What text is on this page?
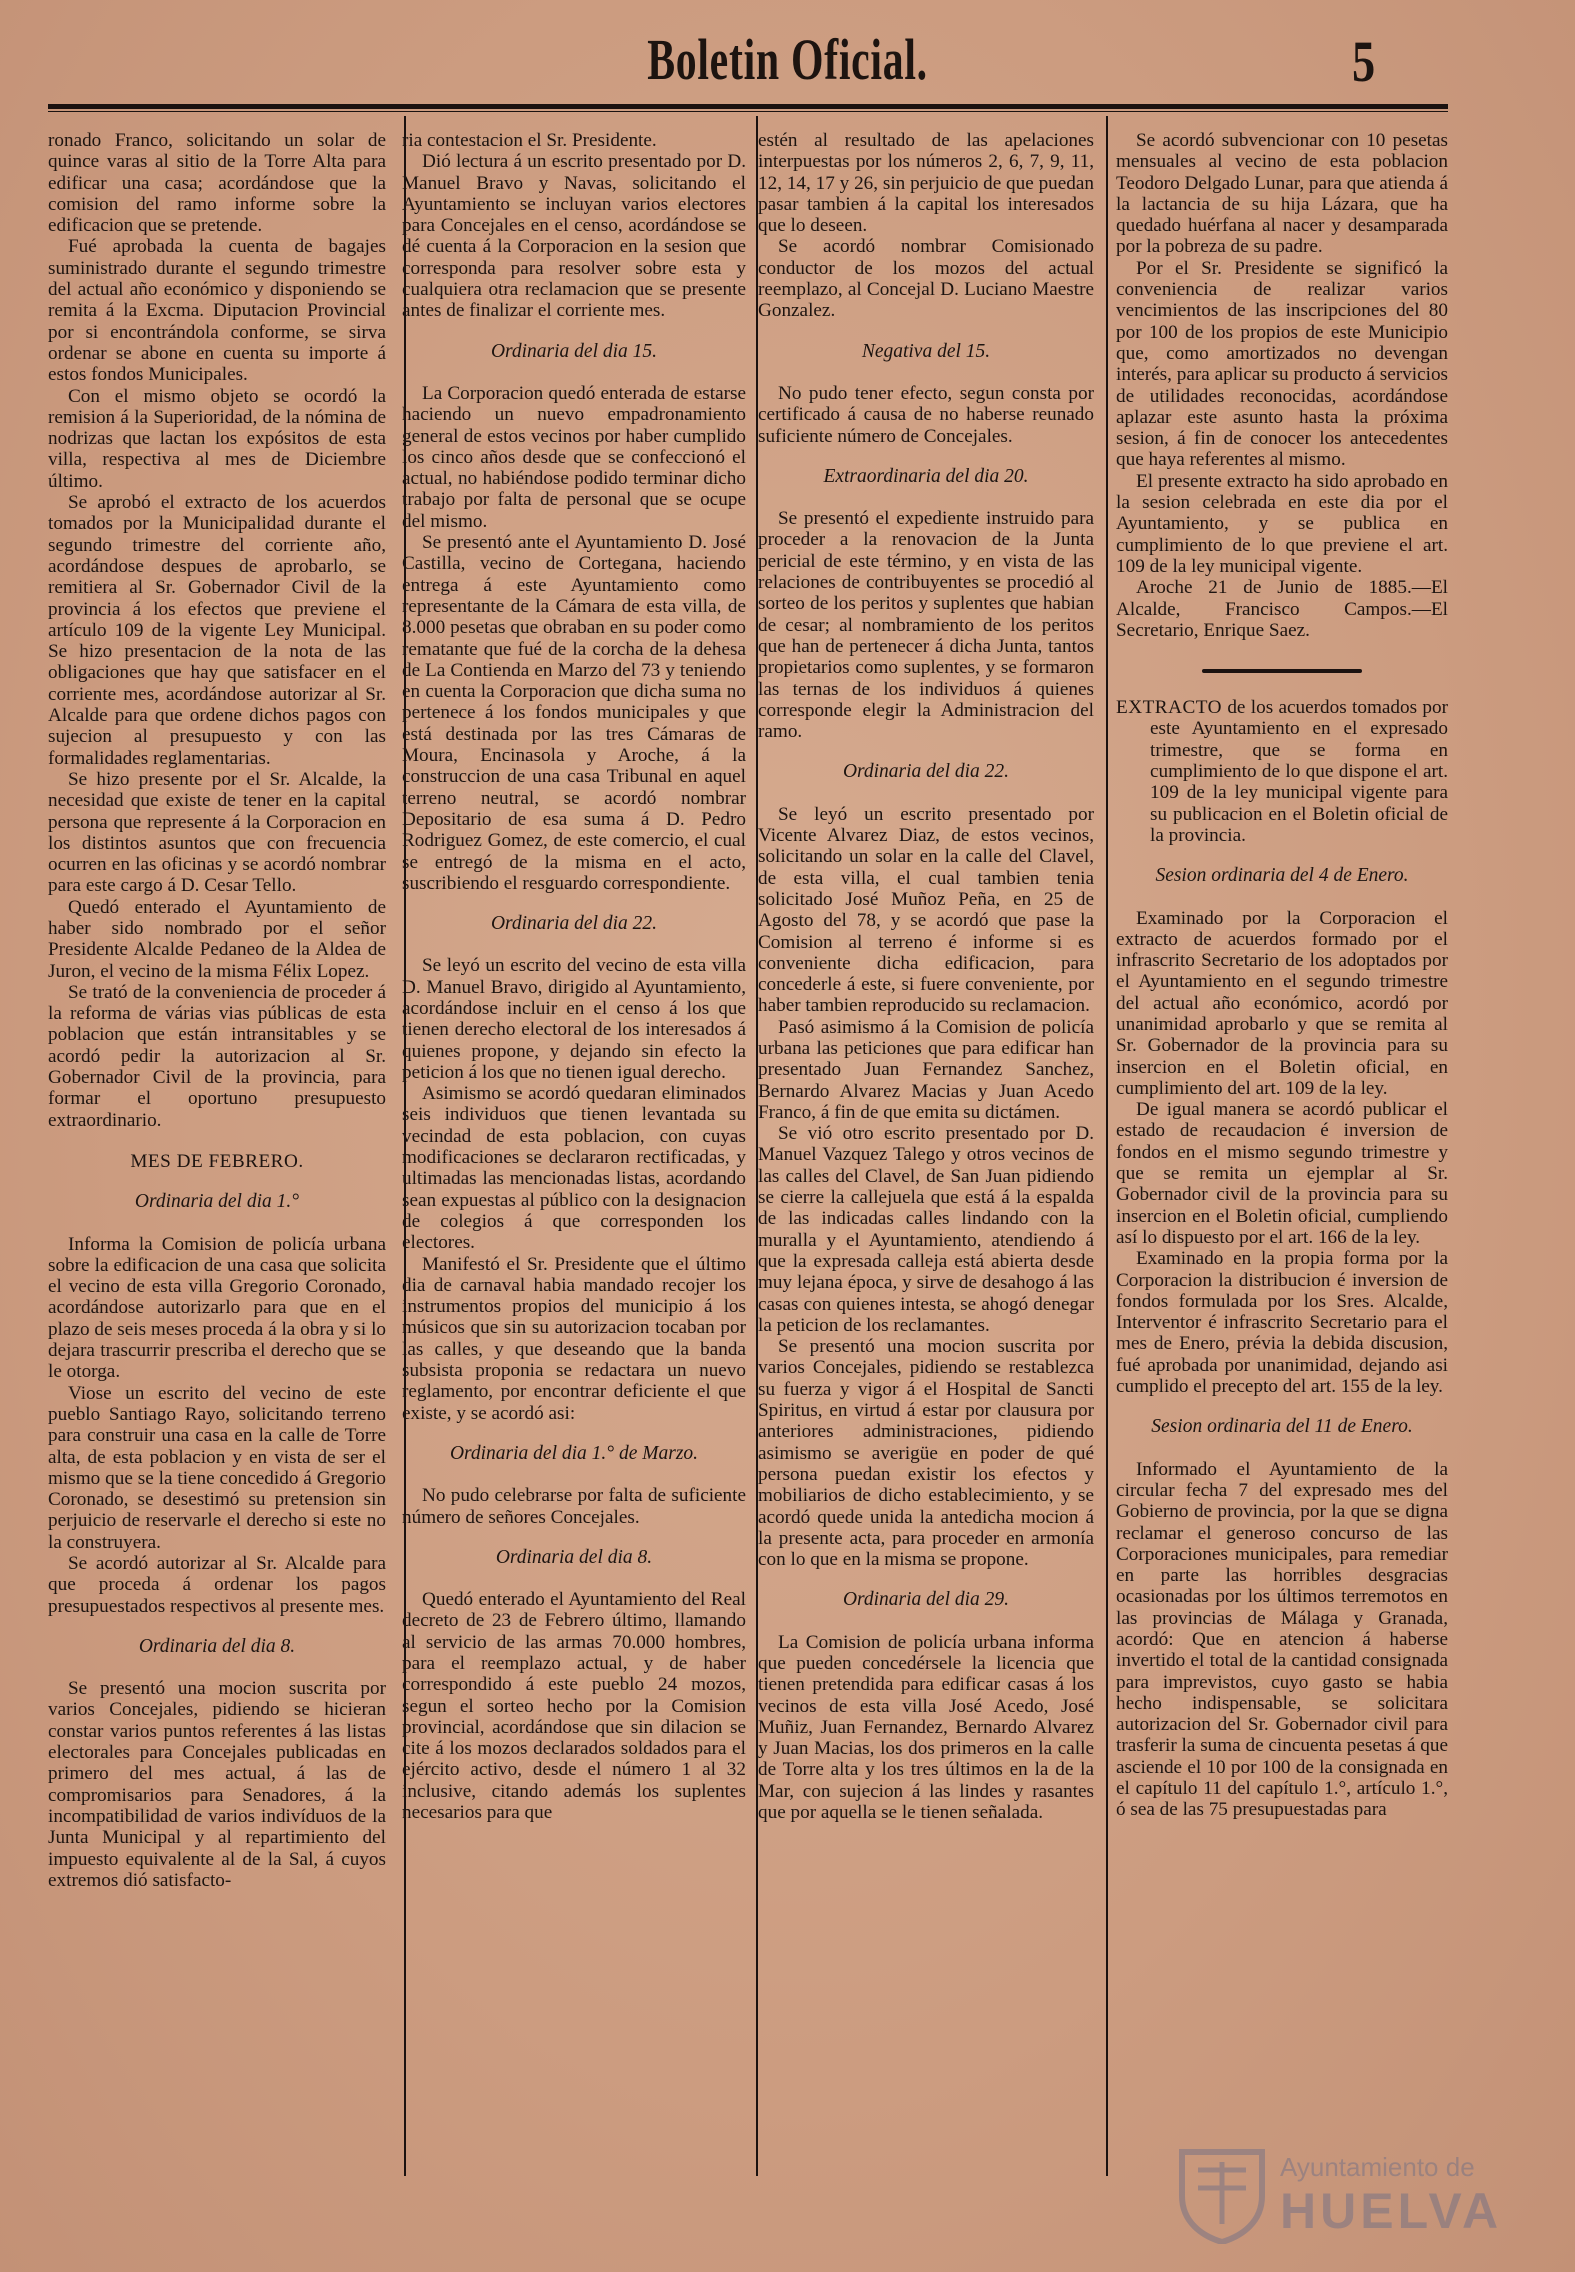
Boletin Oficial.	5

ronado Franco, solicitando un solar de quince varas al sitio de la Torre Alta para edificar una casa; acordándose que la comision del ramo informe sobre la edificacion que se pretende.

Fué aprobada la cuenta de bagajes suministrado durante el segundo trimestre del actual año económico y disponiendo se remita á la Excma. Diputacion Provincial por si encontrándola conforme, se sirva ordenar se abone en cuenta su importe á estos fondos Municipales.

Con el mismo objeto se ocordó la remision á la Superioridad, de la nómina de nodrizas que lactan los expósitos de esta villa, respectiva al mes de Diciembre último.

Se aprobó el extracto de los acuerdos tomados por la Municipalidad durante el segundo trimestre del corriente año, acordándose despues de aprobarlo, se remitiera al Sr. Gobernador Civil de la provincia á los efectos que previene el artículo 109 de la vigente Ley Municipal. Se hizo presentacion de la nota de las obligaciones que hay que satisfacer en el corriente mes, acordándose autorizar al Sr. Alcalde para que ordene dichos pagos con sujecion al presupuesto y con las formalidades reglamentarias.

Se hizo presente por el Sr. Alcalde, la necesidad que existe de tener en la capital persona que represente á la Corporacion en los distintos asuntos que con frecuencia ocurren en las oficinas y se acordó nombrar para este cargo á D. Cesar Tello.

Quedó enterado el Ayuntamiento de haber sido nombrado por el señor Presidente Alcalde Pedaneo de la Aldea de Juron, el vecino de la misma Félix Lopez.

Se trató de la conveniencia de proceder á la reforma de várias vias públicas de esta poblacion que están intransitables y se acordó pedir la autorizacion al Sr. Gobernador Civil de la provincia, para formar el oportuno presupuesto extraordinario.

MES DE FEBRERO.

Ordinaria del dia 1.°

Informa la Comision de policía urbana sobre la edificacion de una casa que solicita el vecino de esta villa Gregorio Coronado, acordándose autorizarlo para que en el plazo de seis meses proceda á la obra y si lo dejara trascurrir prescriba el derecho que se le otorga.

Viose un escrito del vecino de este pueblo Santiago Rayo, solicitando terreno para construir una casa en la calle de Torre alta, de esta poblacion y en vista de ser el mismo que se la tiene concedido á Gregorio Coronado, se desestimó su pretension sin perjuicio de reservarle el derecho si este no la construyera.

Se acordó autorizar al Sr. Alcalde para que proceda á ordenar los pagos presupuestados respectivos al presente mes.

Ordinaria del dia 8.

Se presentó una mocion suscrita por varios Concejales, pidiendo se hicieran constar varios puntos referentes á las listas electorales para Concejales publicadas en primero del mes actual, á las de compromisarios para Senadores, á la incompatibilidad de varios indivíduos de la Junta Municipal y al repartimiento del impuesto equivalente al de la Sal, á cuyos extremos dió satisfacto-

ria contestacion el Sr. Presidente.

Dió lectura á un escrito presentado por D. Manuel Bravo y Navas, solicitando el Ayuntamiento se incluyan varios electores para Concejales en el censo, acordándose se dé cuenta á la Corporacion en la sesion que corresponda para resolver sobre esta y cualquiera otra reclamacion que se presente antes de finalizar el corriente mes.

Ordinaria del dia 15.

La Corporacion quedó enterada de estarse haciendo un nuevo empadronamiento general de estos vecinos por haber cumplido los cinco años desde que se confeccionó el actual, no habiéndose podido terminar dicho trabajo por falta de personal que se ocupe del mismo.

Se presentó ante el Ayuntamiento D. José Castilla, vecino de Cortegana, haciendo entrega á este Ayuntamiento como representante de la Cámara de esta villa, de 8.000 pesetas que obraban en su poder como rematante que fué de la corcha de la dehesa de La Contienda en Marzo del 73 y teniendo en cuenta la Corporacion que dicha suma no pertenece á los fondos municipales y que está destinada por las tres Cámaras de Moura, Encinasola y Aroche, á la construccion de una casa Tribunal en aquel terreno neutral, se acordó nombrar Depositario de esa suma á D. Pedro Rodriguez Gomez, de este comercio, el cual se entregó de la misma en el acto, suscribiendo el resguardo correspondiente.

Ordinaria del dia 22.

Se leyó un escrito del vecino de esta villa D. Manuel Bravo, dirigido al Ayuntamiento, acordándose incluir en el censo á los que tienen derecho electoral de los interesados á quienes propone, y dejando sin efecto la peticion á los que no tienen igual derecho.

Asimismo se acordó quedaran eliminados seis individuos que tienen levantada su vecindad de esta poblacion, con cuyas modificaciones se declararon rectificadas, y ultimadas las mencionadas listas, acordando sean expuestas al público con la designacion de colegios á que corresponden los electores.

Manifestó el Sr. Presidente que el último dia de carnaval habia mandado recojer los instrumentos propios del municipio á los músicos que sin su autorizacion tocaban por las calles, y que deseando que la banda subsista proponia se redactara un nuevo reglamento, por encontrar deficiente el que existe, y se acordó asi:

Ordinaria del dia 1.° de Marzo.

No pudo celebrarse por falta de suficiente número de señores Concejales.

Ordinaria del dia 8.

Quedó enterado el Ayuntamiento del Real decreto de 23 de Febrero último, llamando al servicio de las armas 70.000 hombres, para el reemplazo actual, y de haber correspondido á este pueblo 24 mozos, segun el sorteo hecho por la Comision provincial, acordándose que sin dilacion se cite á los mozos declarados soldados para el ejército activo, desde el número 1 al 32 inclusive, citando además los suplentes necesarios para que

estén al resultado de las apelaciones interpuestas por los números 2, 6, 7, 9, 11, 12, 14, 17 y 26, sin perjuicio de que puedan pasar tambien á la capital los interesados que lo deseen.

Se acordó nombrar Comisionado conductor de los mozos del actual reemplazo, al Concejal D. Luciano Maestre Gonzalez.

Negativa del 15.

No pudo tener efecto, segun consta por certificado á causa de no haberse reunado suficiente número de Concejales.

Extraordinaria del dia 20.

Se presentó el expediente instruido para proceder a la renovacion de la Junta pericial de este término, y en vista de las relaciones de contribuyentes se procedió al sorteo de los peritos y suplentes que habian de cesar; al nombramiento de los peritos que han de pertenecer á dicha Junta, tantos propietarios como suplentes, y se formaron las ternas de los individuos á quienes corresponde elegir la Administracion del ramo.

Ordinaria del dia 22.

Se leyó un escrito presentado por Vicente Alvarez Diaz, de estos vecinos, solicitando un solar en la calle del Clavel, de esta villa, el cual tambien tenia solicitado José Muñoz Peña, en 25 de Agosto del 78, y se acordó que pase la Comision al terreno é informe si es conveniente dicha edificacion, para concederle á este, si fuere conveniente, por haber tambien reproducido su reclamacion.

Pasó asimismo á la Comision de policía urbana las peticiones que para edificar han presentado Juan Fernandez Sanchez, Bernardo Alvarez Macias y Juan Acedo Franco, á fin de que emita su dictámen.

Se vió otro escrito presentado por D. Manuel Vazquez Talego y otros vecinos de las calles del Clavel, de San Juan pidiendo se cierre la callejuela que está á la espalda de las indicadas calles lindando con la muralla y el Ayuntamiento, atendiendo á que la expresada calleja está abierta desde muy lejana época, y sirve de desahogo á las casas con quienes intesta, se ahogó denegar la peticion de los reclamantes.

Se presentó una mocion suscrita por varios Concejales, pidiendo se restablezca su fuerza y vigor á el Hospital de Sancti Spiritus, en virtud á estar por clausura por anteriores administraciones, pidiendo asimismo se averigüe en poder de qué persona puedan existir los efectos y mobiliarios de dicho establecimiento, y se acordó quede unida la antedicha mocion á la presente acta, para proceder en armonía con lo que en la misma se propone.

Ordinaria del dia 29.

La Comision de policía urbana informa que pueden concedérsele la licencia que tienen pretendida para edificar casas á los vecinos de esta villa José Acedo, José Muñiz, Juan Fernandez, Bernardo Alvarez y Juan Macias, los dos primeros en la calle de Torre alta y los tres últimos en la de la Mar, con sujecion á las lindes y rasantes que por aquella se le tienen señalada.

Se acordó subvencionar con 10 pesetas mensuales al vecino de esta poblacion Teodoro Delgado Lunar, para que atienda á la lactancia de su hija Lázara, que ha quedado huérfana al nacer y desamparada por la pobreza de su padre.

Por el Sr. Presidente se significó la conveniencia de realizar varios vencimientos de las inscripciones del 80 por 100 de los propios de este Municipio que, como amortizados no devengan interés, para aplicar su producto á servicios de utilidades reconocidas, acordándose aplazar este asunto hasta la próxima sesion, á fin de conocer los antecedentes que haya referentes al mismo.

El presente extracto ha sido aprobado en la sesion celebrada en este dia por el Ayuntamiento, y se publica en cumplimiento de lo que previene el art. 109 de la ley municipal vigente.

Aroche 21 de Junio de 1885.—El Alcalde, Francisco Campos.—El Secretario, Enrique Saez.

EXTRACTO de los acuerdos tomados por este Ayuntamiento en el expresado trimestre, que se forma en cumplimiento de lo que dispone el art. 109 de la ley municipal vigente para su publicacion en el Boletin oficial de la provincia.

Sesion ordinaria del 4 de Enero.

Examinado por la Corporacion el extracto de acuerdos formado por el infrascrito Secretario de los adoptados por el Ayuntamiento en el segundo trimestre del actual año económico, acordó por unanimidad aprobarlo y que se remita al Sr. Gobernador de la provincia para su insercion en el Boletin oficial, en cumplimiento del art. 109 de la ley.

De igual manera se acordó publicar el estado de recaudacion é inversion de fondos en el mismo segundo trimestre y que se remita un ejemplar al Sr. Gobernador civil de la provincia para su insercion en el Boletin oficial, cumpliendo así lo dispuesto por el art. 166 de la ley.

Examinado en la propia forma por la Corporacion la distribucion é inversion de fondos formulada por los Sres. Alcalde, Interventor é infrascrito Secretario para el mes de Enero, prévia la debida discusion, fué aprobada por unanimidad, dejando asi cumplido el precepto del art. 155 de la ley.

Sesion ordinaria del 11 de Enero.

Informado el Ayuntamiento de la circular fecha 7 del expresado mes del Gobierno de provincia, por la que se digna reclamar el generoso concurso de las Corporaciones municipales, para remediar en parte las horribles desgracias ocasionadas por los últimos terremotos en las provincias de Málaga y Granada, acordó: Que en atencion á haberse invertido el total de la cantidad consignada para imprevistos, cuyo gasto se habia hecho indispensable, se solicitara autorizacion del Sr. Gobernador civil para trasferir la suma de cincuenta pesetas á que asciende el 10 por 100 de la consignada en el capítulo 11 del capítulo 1.°, artículo 1.°, ó sea de las 75 presupuestadas para

Ayuntamiento de
HUELVA
